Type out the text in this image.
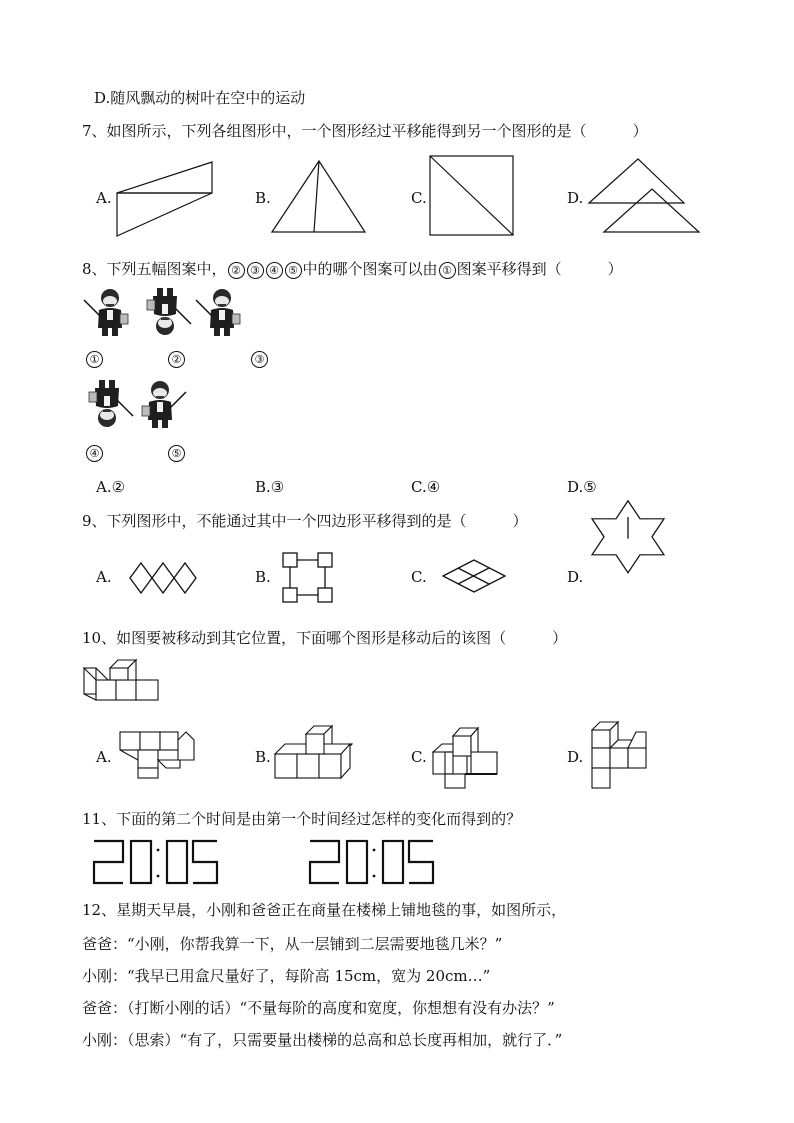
D.随风飘动的树叶在空中的运动
7、如图所示，下列各组图形中，一个图形经过平移能得到另一个图形的是（	）
A.	B.	C.	D.
8、下列五幅图案中， ② ③ ④ ⑤ 中的哪个图案可以由 ① 图案平移得到（	）
①	②	③
④	⑤
A.②	B.③	C.④	D.⑤
9、下列图形中，不能通过其中一个四边形平移得到的是（	）
A.	B.	C.	D.
10、如图要被移动到其它位置，下面哪个图形是移动后的该图（	）
A.	B.	C.	D.
11、下面的第二个时间是由第一个时间经过怎样的变化而得到的？
12、星期天早晨，小刚和爸爸正在商量在楼梯上铺地毯的事，如图所示，
爸爸：“小刚，你帮我算一下，从一层铺到二层需要地毯几米？”
小刚：“我早已用盒尺量好了，每阶高 15cm，宽为 20cm…”
爸爸：（打断小刚的话）“不量每阶的高度和宽度，你想想有没有办法？”
小刚：（思索）“有了，只需要量出楼梯的总高和总长度再相加，就行了．”
